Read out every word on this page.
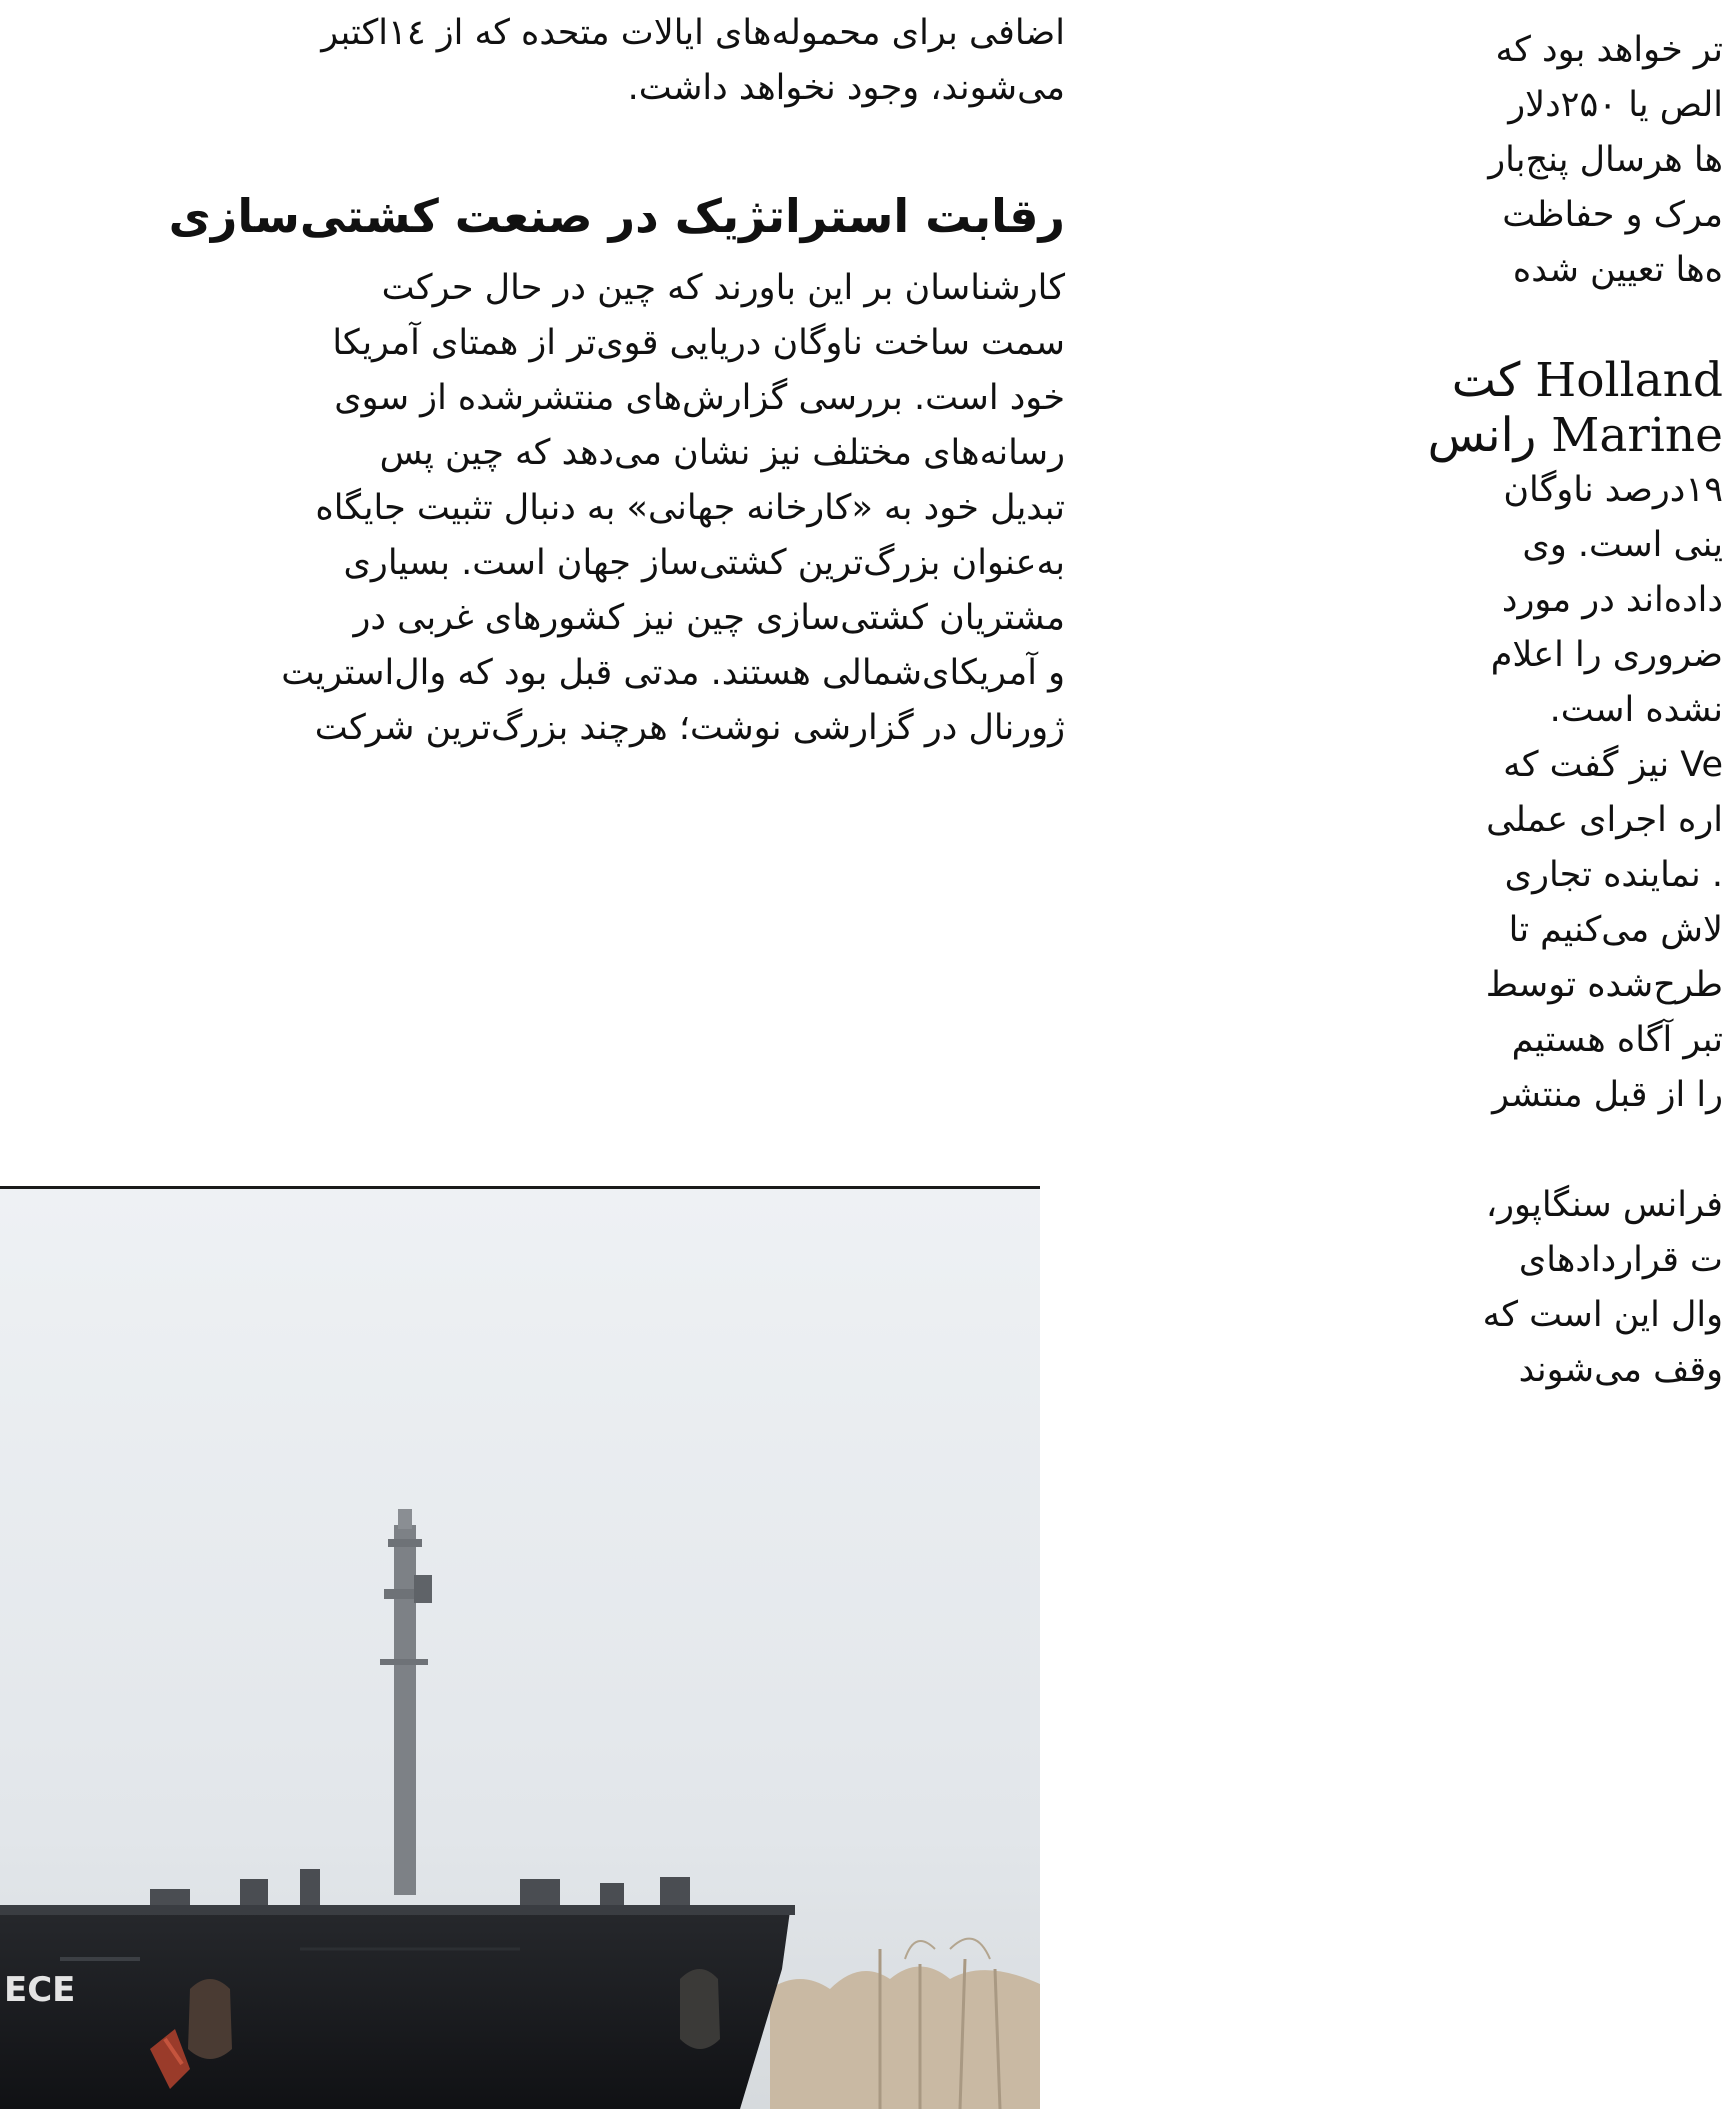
اضافی برای محموله‌های ایالات متحده که از ۱٤اکتبر
می‌شوند، وجود نخواهد داشت.
رقابت استراتژیک در صنعت کشتی‌سازی
کارشناسان بر این باورند که چین در حال حرکت
سمت ساخت ناوگان دریایی قوی‌تر از همتای آمریکا
خود است. بررسی گزارش‌های منتشرشده از سوی
رسانه‌های مختلف نیز نشان می‌دهد که چین پس
تبدیل خود به «کارخانه جهانی» به دنبال تثبیت جایگاه
به‌عنوان بزرگ‌ترین کشتی‌ساز جهان است. بسیاری
مشتریان کشتی‌سازی چین نیز کشورهای غربی در
و آمریکای‌شمالی هستند. مدتی قبل بود که وال‌استریت
ژورنال در گزارشی نوشت؛ هرچند بزرگ‌ترین شرکت
تر خواهد بود که
الص یا ۲۵۰دلار
ها هرسال پنج‌بار
مرک و حفاظت
ه‌ها تعیین شده
Holland کت
Marine رانس
۱۹درصد ناوگان
ینی است. وی
داده‌اند در مورد
ضروری را اعلام
نشده است.
Ve نیز گفت که
اره اجرای عملی
. نماینده تجاری
لاش می‌کنیم تا
طرح‌شده توسط
تبر آگاه هستیم
را از قبل منتشر
فرانس سنگاپور،
ت قراردادهای
وال این است که
وقف می‌شوند
ECE
